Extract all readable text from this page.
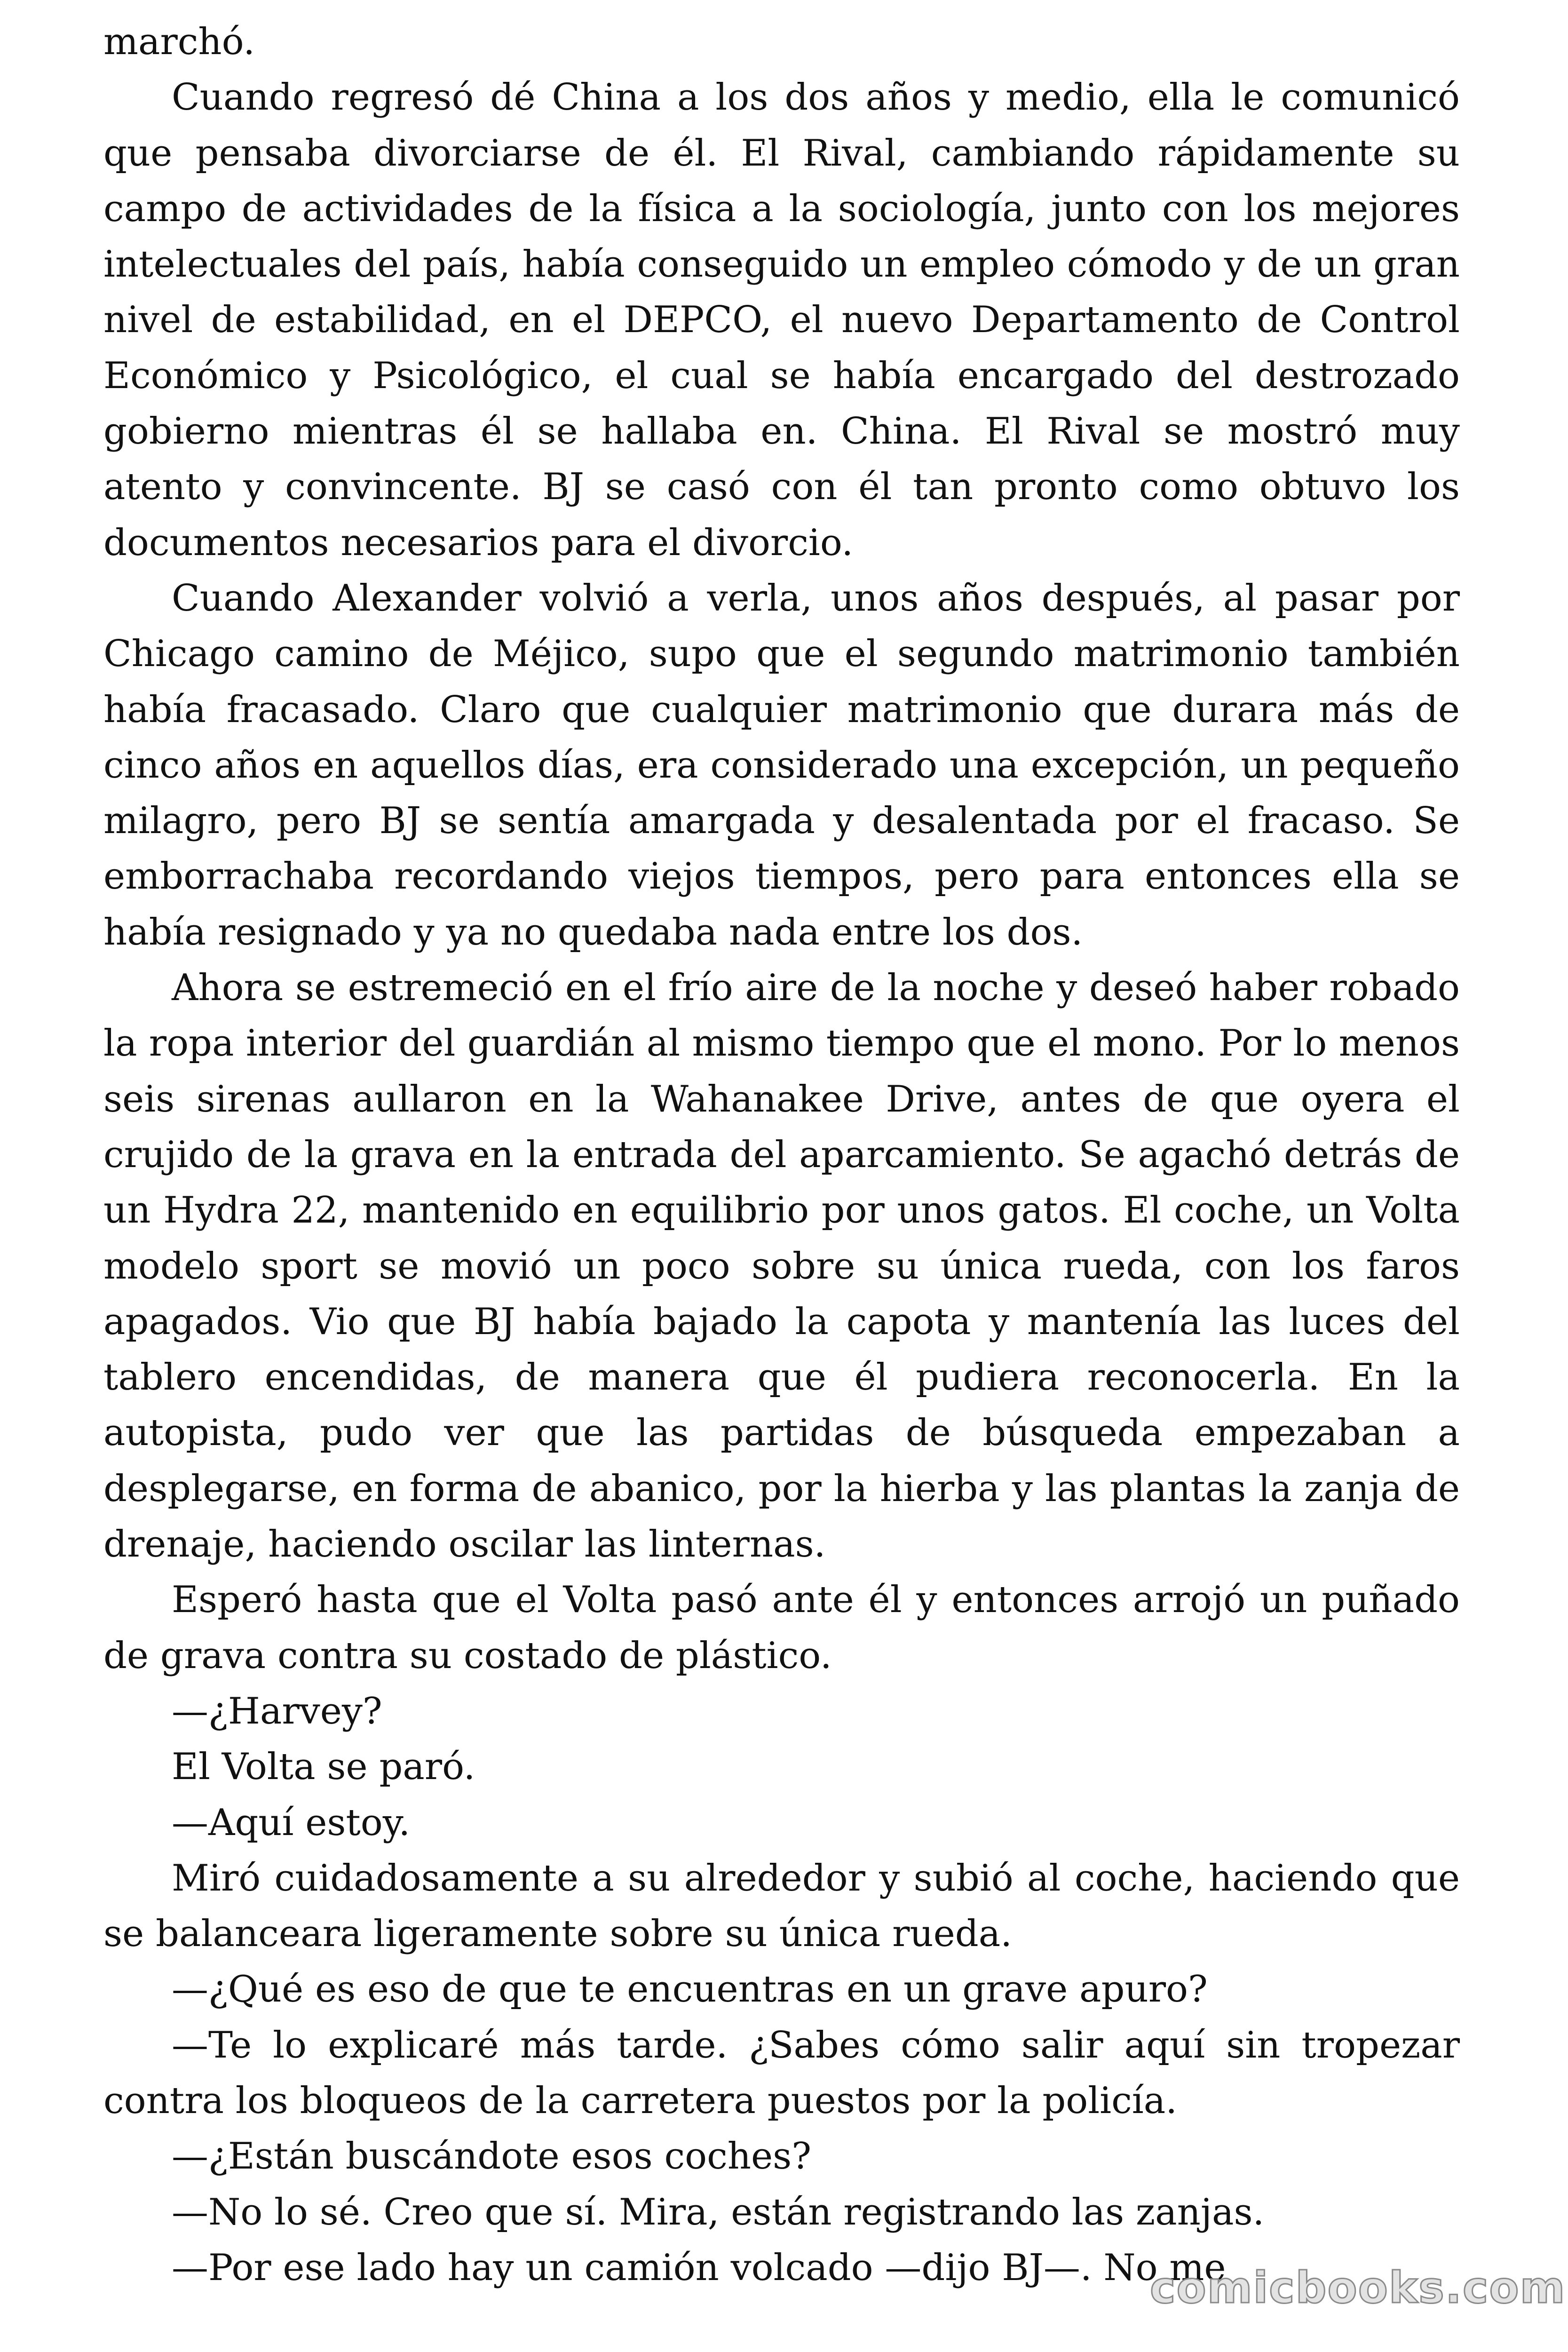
marchó.

Cuando regresó dé China a los dos años y medio, ella le comunicó que pensaba divorciarse de él. El Rival, cambiando rápidamente su campo de actividades de la física a la sociología, junto con los mejores intelectuales del país, había conseguido un empleo cómodo y de un gran nivel de estabilidad, en el DEPCO, el nuevo Departamento de Control Económico y Psicológico, el cual se había encargado del destrozado gobierno mientras él se hallaba en. China. El Rival se mostró muy atento y convincente. BJ se casó con él tan pronto como obtuvo los documentos necesarios para el divorcio.

Cuando Alexander volvió a verla, unos años después, al pasar por Chicago camino de Méjico, supo que el segundo matrimonio también había fracasado. Claro que cualquier matrimonio que durara más de cinco años en aquellos días, era considerado una excepción, un pequeño milagro, pero BJ se sentía amargada y desalentada por el fracaso. Se emborrachaba recordando viejos tiempos, pero para entonces ella se había resignado y ya no quedaba nada entre los dos.

Ahora se estremeció en el frío aire de la noche y deseó haber robado la ropa interior del guardián al mismo tiempo que el mono. Por lo menos seis sirenas aullaron en la Wahanakee Drive, antes de que oyera el crujido de la grava en la entrada del aparcamiento. Se agachó detrás de un Hydra 22, mantenido en equilibrio por unos gatos. El coche, un Volta modelo sport se movió un poco sobre su única rueda, con los faros apagados. Vio que BJ había bajado la capota y mantenía las luces del tablero encendidas, de manera que él pudiera reconocerla. En la autopista, pudo ver que las partidas de búsqueda empezaban a desplegarse, en forma de abanico, por la hierba y las plantas la zanja de drenaje, haciendo oscilar las linternas.

Esperó hasta que el Volta pasó ante él y entonces arrojó un puñado de grava contra su costado de plástico.

—¿Harvey?

El Volta se paró.

—Aquí estoy.

Miró cuidadosamente a su alrededor y subió al coche, haciendo que se balanceara ligeramente sobre su única rueda.

—¿Qué es eso de que te encuentras en un grave apuro?

—Te lo explicaré más tarde. ¿Sabes cómo salir aquí sin tropezar contra los bloqueos de la carretera puestos por la policía.

—¿Están buscándote esos coches?

—No lo sé. Creo que sí. Mira, están registrando las zanjas.

—Por ese lado hay un camión volcado —dijo BJ—. No me

comicbooks.com
